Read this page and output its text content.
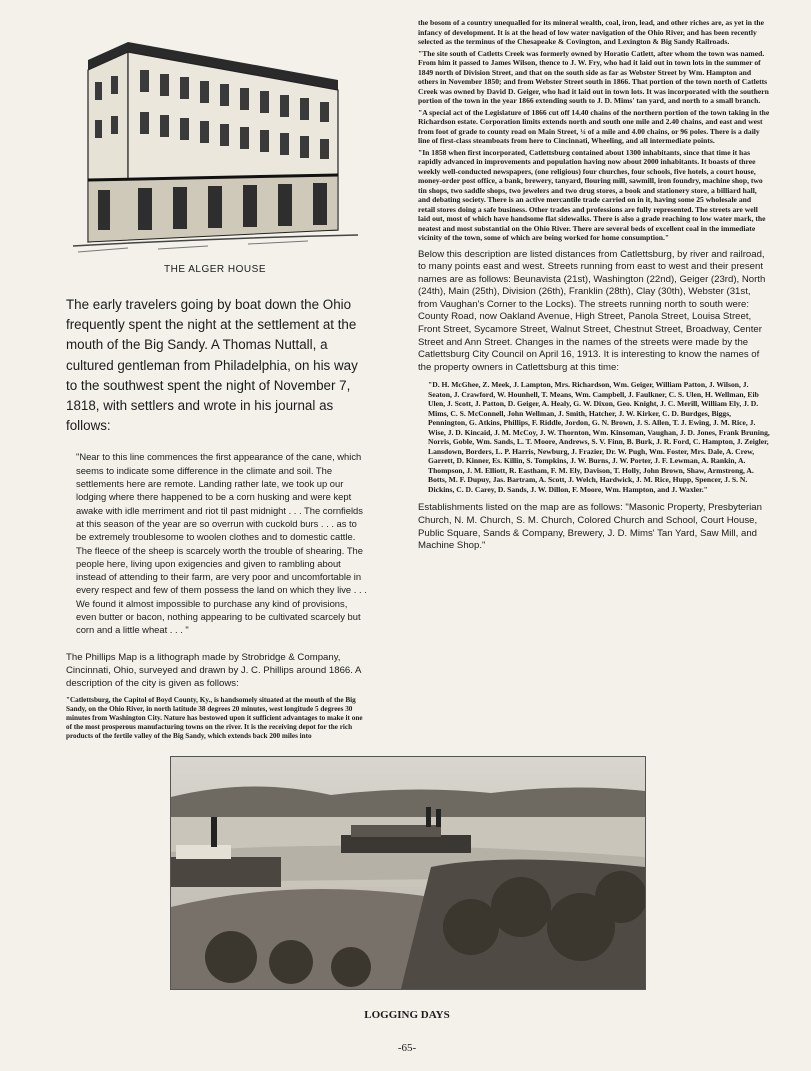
THE ALGER HOUSE

The early travelers going by boat down the Ohio frequently spent the night at the settlement at the mouth of the Big Sandy. A Thomas Nuttall, a cultured gentleman from Philadelphia, on his way to the southwest spent the night of November 7, 1818, with settlers and wrote in his journal as follows:

"Near to this line commences the first appearance of the cane, which seems to indicate some difference in the climate and soil. The settlements here are remote. Landing rather late, we took up our lodging where there happened to be a corn husking and were kept awake with idle merriment and riot til past midnight . . . The cornfields at this season of the year are so overrun with cuckold burs . . . as to be extremely troublesome to woolen clothes and to domestic cattle. The fleece of the sheep is scarcely worth the trouble of shearing. The people here, living upon exigencies and given to rambling about instead of attending to their farm, are very poor and uncomfortable in every respect and few of them possess the land on which they live . . . We found it almost impossible to purchase any kind of provisions, even butter or bacon, nothing appearing to be cultivated scarcely but corn and a little wheat . . . "

The Phillips Map is a lithograph made by Strobridge & Company, Cincinnati, Ohio, surveyed and drawn by J. C. Phillips around 1866. A description of the city is given as follows:

"Catlettsburg, the Capitol of Boyd County, Ky., is handsomely situated at the mouth of the Big Sandy, on the Ohio River, in north latitude 38 degrees 20 minutes, west longitude 5 degrees 30 minutes from Washington City. Nature has bestowed upon it sufficient advantages to make it one of the most prosperous manufacturing towns on the river. It is the receiving depot for the rich products of the fertile valley of the Big Sandy, which extends back 200 miles into

the bosom of a country unequalled for its mineral wealth, coal, iron, lead, and other riches are, as yet in the infancy of development. It is at the head of low water navigation of the Ohio River, and has been recently selected as the terminus of the Chesapeake & Covington, and Lexington & Big Sandy Railroads.

"The site south of Catletts Creek was formerly owned by Horatio Catlett, after whom the town was named. From him it passed to James Wilson, thence to J. W. Fry, who had it laid out in town lots in the summer of 1849 north of Division Street, and that on the south side as far as Webster Street by Wm. Hampton and others in November 1850; and from Webster Street south in 1866. That portion of the town north of Catletts Creek was owned by David D. Geiger, who had it laid out in town lots. It was incorporated with the southern portion of the town in the year 1866 extending south to J. D. Mims' tan yard, and north to a small branch.

"A special act of the Legislature of 1866 cut off 14.40 chains of the northern portion of the town taking in the Richardson estate. Corporation limits extends north and south one mile and 2.40 chains, and east and west from foot of grade to county road on Main Street, ¼ of a mile and 4.00 chains, or 96 poles. There is a daily line of first-class steamboats from here to Cincinnati, Wheeling, and all intermediate points.

"In 1858 when first incorporated, Catlettsburg contained about 1300 inhabitants, since that time it has rapidly advanced in improvements and population having now about 2000 inhabitants. It boasts of three weekly well-conducted newspapers, (one religious) four churches, four schools, five hotels, a court house, money-order post office, a bank, brewery, tanyard, flouring mill, sawmill, iron foundry, machine shop, two tin shops, two saddle shops, two jewelers and two drug stores, a book and stationery store, a billiard hall, and debating society. There is an active mercantile trade carried on in it, having some 25 wholesale and retail stores doing a safe business. Other trades and professions are fully represented. The streets are well laid out, most of which have handsome flat sidewalks. There is also a grade reaching to low water mark, the neatest and most substantial on the Ohio River. There are several beds of excellent coal in the immediate vicinity of the town, some of which are being worked for home consumption."

Below this description are listed distances from Catlettsburg, by river and railroad, to many points east and west. Streets running from east to west and their present names are as follows: Beunavista (21st), Washington (22nd), Geiger (23rd), North (24th), Main (25th), Division (26th), Franklin (28th), Clay (30th), Webster (31st, from Vaughan's Corner to the Locks). The streets running north to south were: County Road, now Oakland Avenue, High Street, Panola Street, Louisa Street, Front Street, Sycamore Street, Walnut Street, Chestnut Street, Broadway, Center Street and Ann Street. Changes in the names of the streets were made by the Catlettsburg City Council on April 16, 1913. It is interesting to know the names of the property owners in Catlettsburg at this time:

"D. H. McGhee, Z. Meek, J. Lampton, Mrs. Richardson, Wm. Geiger, William Patton, J. Wilson, J. Seaton, J. Crawford, W. Hounhell, T. Means, Wm. Campbell, J. Faulkner, C. S. Ulen, H. Wellman, Eib Ulen, J. Scott, J. Patton, D. Geiger, A. Healy, G. W. Dixon, Geo. Knight, J. C. Merill, William Ely, J. D. Mims, C. S. McConnell, John Wellman, J. Smith, Hatcher, J. W. Kirker, C. D. Burdges, Biggs, Pennington, G. Atkins, Phillips, F. Riddle, Jordon, G. N. Brown, J. S. Allen, T. J. Ewing, J. M. Rice, J. Wise, J. D. Kincaid, J. M. McCoy, J. W. Thornton, Wm. Kinsoman, Vaughan, J. D. Jones, Frank Bruning, Norris, Goble, Wm. Sands, L. T. Moore, Andrews, S. V. Finn, B. Burk, J. R. Ford, C. Hampton, J. Zeigler, Lansdown, Borders, L. P. Harris, Newburg, J. Frazier, Dr. W. Pugh, Wm. Foster, Mrs. Dale, A. Crew, Garrett, D. Kinner, Es. Killin, S. Tompkins, J. W. Burns, J. W. Porter, J. F. Lewman, A. Rankin, A. Thompson, J. M. Elliott, R. Eastham, F. M. Ely, Davison, T. Holly, John Brown, Shaw, Armstrong, A. Botts, M. F. Dupuy, Jas. Bartram, A. Scott, J. Welch, Hardwick, J. M. Rice, Hupp, Spencer, J. S. N. Dickins, C. D. Carey, D. Sands, J. W. Dillon, F. Moore, Wm. Hampton, and J. Waxler."

Establishments listed on the map are as follows: "Masonic Property, Presbyterian Church, N. M. Church, S. M. Church, Colored Church and School, Court House, Public Square, Sands & Company, Brewery, J. D. Mims' Tan Yard, Saw Mill, and Machine Shop."

LOGGING DAYS
-65-
